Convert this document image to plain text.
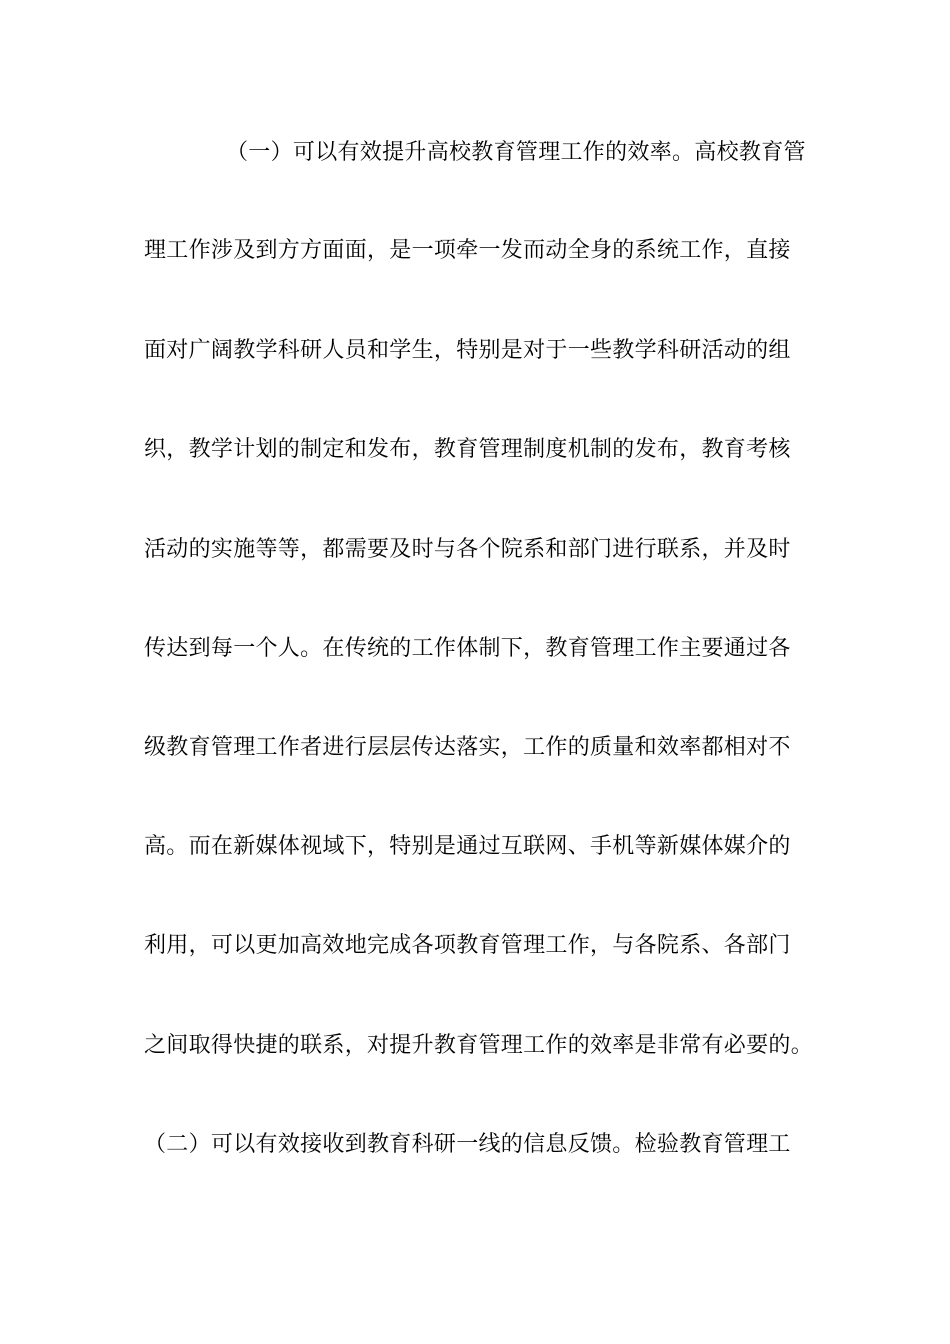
（一）可以有效提升高校教育管理工作的效率。高校教育管
理工作涉及到方方面面，是一项牵一发而动全身的系统工作，直接
面对广阔教学科研人员和学生，特别是对于一些教学科研活动的组
织，教学计划的制定和发布，教育管理制度机制的发布，教育考核
活动的实施等等，都需要及时与各个院系和部门进行联系，并及时
传达到每一个人。在传统的工作体制下，教育管理工作主要通过各
级教育管理工作者进行层层传达落实，工作的质量和效率都相对不
高。而在新媒体视域下，特别是通过互联网、手机等新媒体媒介的
利用，可以更加高效地完成各项教育管理工作，与各院系、各部门
之间取得快捷的联系，对提升教育管理工作的效率是非常有必要的。
（二）可以有效接收到教育科研一线的信息反馈。检验教育管理工
